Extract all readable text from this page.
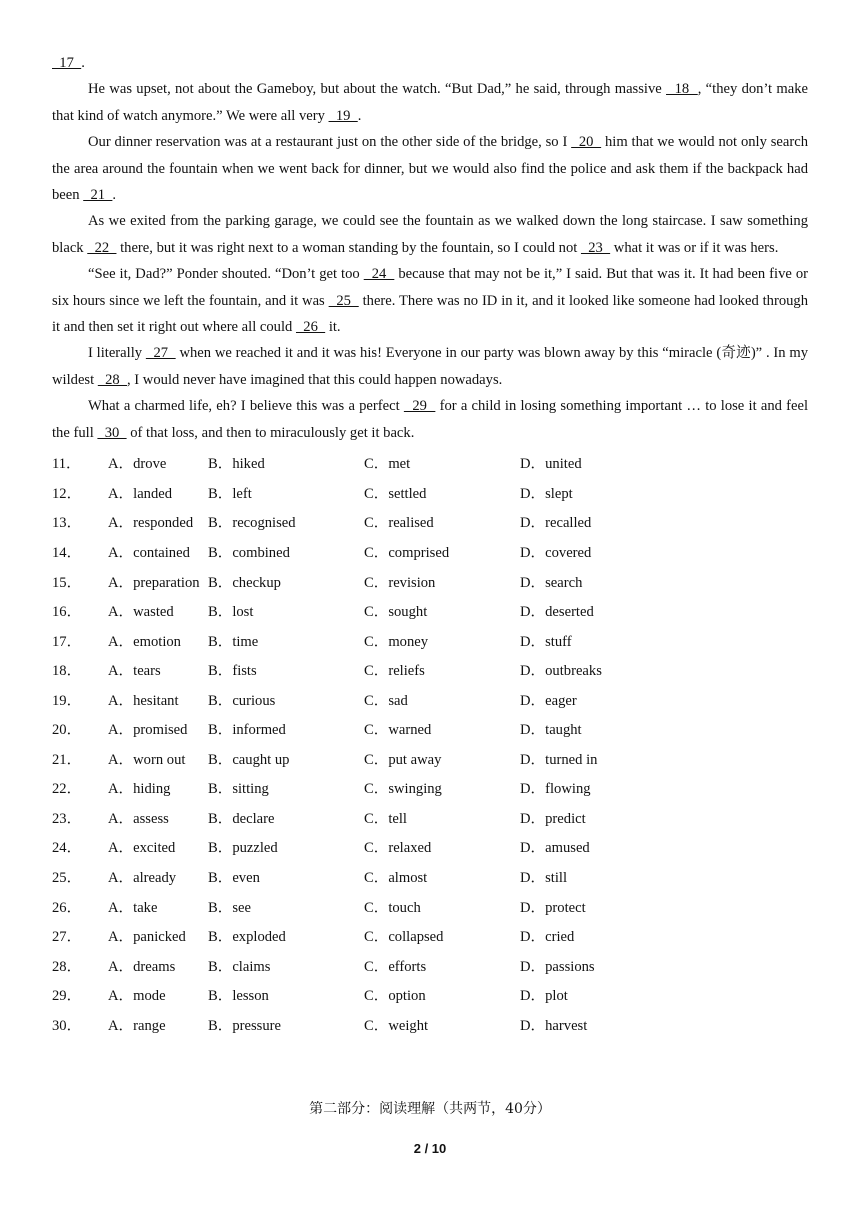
17  .

He was upset, not about the Gameboy, but about the watch. “But Dad,” he said, through massive   18  , “they don’t make that kind of watch anymore.” We were all very   19  .

Our dinner reservation was at a restaurant just on the other side of the bridge, so I   20   him that we would not only search the area around the fountain when we went back for dinner, but we would also find the police and ask them if the backpack had been   21  .

As we exited from the parking garage, we could see the fountain as we walked down the long staircase. I saw something black   22   there, but it was right next to a woman standing by the fountain, so I could not   23   what it was or if it was hers.

“See it, Dad?” Ponder shouted. “Don’t get too   24   because that may not be it,” I said. But that was it. It had been five or six hours since we left the fountain, and it was   25   there. There was no ID in it, and it looked like someone had looked through it and then set it right out where all could   26   it.

I literally   27   when we reached it and it was his! Everyone in our party was blown away by this “miracle (奇迹)” . In my wildest   28  , I would never have imagined that this could happen nowadays.

What a charmed life, eh? I believe this was a perfect   29   for a child in losing something important … to lose it and feel the full   30   of that loss, and then to miraculously get it back.

11．	A．drove	B．hiked	C．met	D．united
12．	A．landed	B．left	C．settled	D．slept
13．	A．responded	B．recognised	C．realised	D．recalled
14．	A．contained	B．combined	C．comprised	D．covered
15．	A．preparation B．checkup	C．revision	D．search
16．	A．wasted	B．lost	C．sought	D．deserted
17．	A．emotion	B．time	C．money	D．stuff
18．	A．tears	B．fists	C．reliefs	D．outbreaks
19．	A．hesitant	B．curious	C．sad	D．eager
20．	A．promised	B．informed	C．warned	D．taught
21．	A．worn out	B．caught up	C．put away	D．turned in
22．	A．hiding	B．sitting	C．swinging	D．flowing
23．	A．assess	B．declare	C．tell	D．predict
24．	A．excited	B．puzzled	C．relaxed	D．amused
25．	A．already	B．even	C．almost	D．still
26．	A．take	B．see	C．touch	D．protect
27．	A．panicked	B．exploded	C．collapsed	D．cried
28．	A．dreams	B．claims	C．efforts	D．passions
29．	A．mode	B．lesson	C．option	D．plot
30．	A．range	B．pressure	C．weight	D．harvest
第二部分：阅读理解（共两节，40分）
2 / 10
